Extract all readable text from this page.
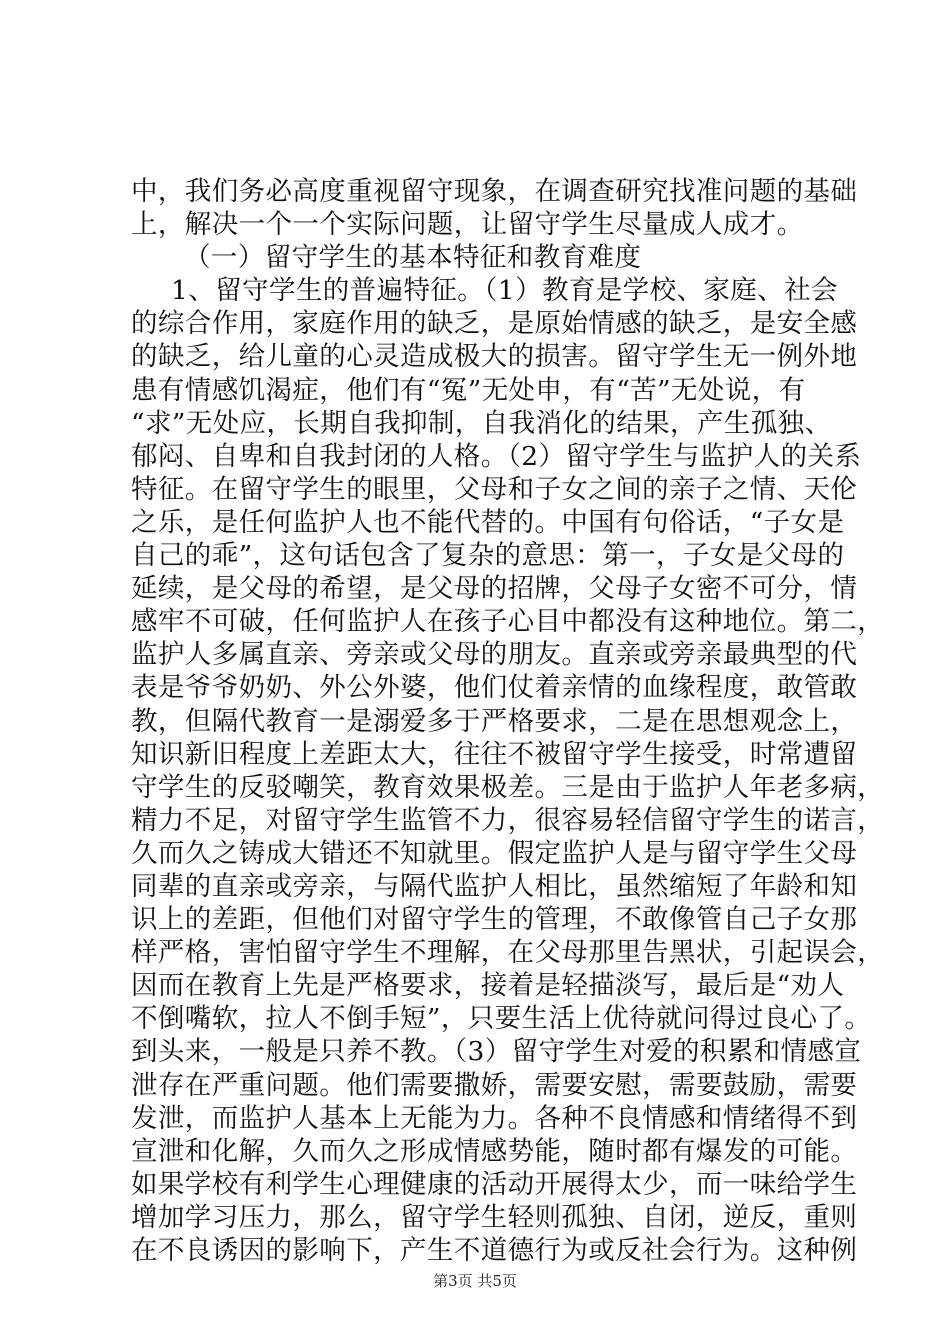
中，我们务必高度重视留守现象，在调查研究找准问题的基础
上，解决一个一个实际问题，让留守学生尽量成人成才。
（一）留守学生的基本特征和教育难度
1、留守学生的普遍特征。（1）教育是学校、家庭、社会
的综合作用，家庭作用的缺乏，是原始情感的缺乏，是安全感
的缺乏，给儿童的心灵造成极大的损害。留守学生无一例外地
患有情感饥渴症，他们有“冤”无处申，有“苦”无处说，有
“求”无处应，长期自我抑制，自我消化的结果，产生孤独、
郁闷、自卑和自我封闭的人格。（2）留守学生与监护人的关系
特征。在留守学生的眼里，父母和子女之间的亲子之情、天伦
之乐，是任何监护人也不能代替的。中国有句俗话，“子女是
自己的乖”，这句话包含了复杂的意思：第一，子女是父母的
延续，是父母的希望，是父母的招牌，父母子女密不可分，情
感牢不可破，任何监护人在孩子心目中都没有这种地位。第二，
监护人多属直亲、旁亲或父母的朋友。直亲或旁亲最典型的代
表是爷爷奶奶、外公外婆，他们仗着亲情的血缘程度，敢管敢
教，但隔代教育一是溺爱多于严格要求，二是在思想观念上，
知识新旧程度上差距太大，往往不被留守学生接受，时常遭留
守学生的反驳嘲笑，教育效果极差。三是由于监护人年老多病，
精力不足，对留守学生监管不力，很容易轻信留守学生的诺言，
久而久之铸成大错还不知就里。假定监护人是与留守学生父母
同辈的直亲或旁亲，与隔代监护人相比，虽然缩短了年龄和知
识上的差距，但他们对留守学生的管理，不敢像管自己子女那
样严格，害怕留守学生不理解，在父母那里告黑状，引起误会，
因而在教育上先是严格要求，接着是轻描淡写，最后是“劝人
不倒嘴软，拉人不倒手短”，只要生活上优待就问得过良心了。
到头来，一般是只养不教。（3）留守学生对爱的积累和情感宣
泄存在严重问题。他们需要撒娇，需要安慰，需要鼓励，需要
发泄，而监护人基本上无能为力。各种不良情感和情绪得不到
宣泄和化解，久而久之形成情感势能，随时都有爆发的可能。
如果学校有利学生心理健康的活动开展得太少，而一味给学生
增加学习压力，那么，留守学生轻则孤独、自闭，逆反，重则
在不良诱因的影响下，产生不道德行为或反社会行为。这种例
第3页 共5页
